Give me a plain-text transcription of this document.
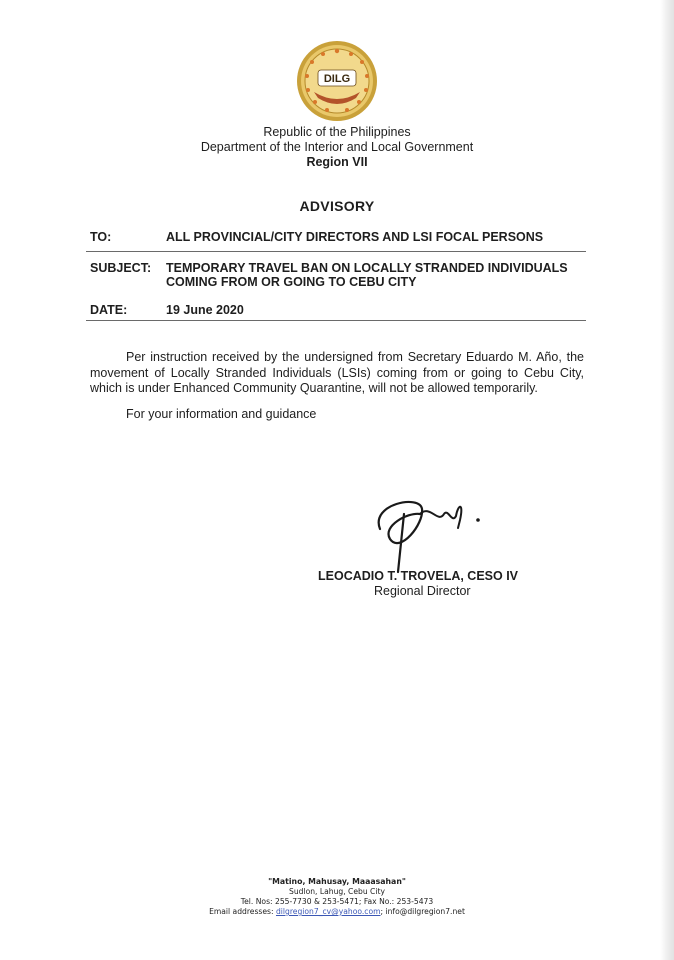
DILG
Republic of the Philippines
Department of the Interior and Local Government
Region VII
ADVISORY
TO:	ALL PROVINCIAL/CITY DIRECTORS AND LSI FOCAL PERSONS
SUBJECT: TEMPORARY TRAVEL BAN ON LOCALLY STRANDED INDIVIDUALS
COMING FROM OR GOING TO CEBU CITY
DATE:	19 June 2020
Per instruction received by the undersigned from Secretary Eduardo M. Año, the movement of Locally Stranded Individuals (LSIs) coming from or going to Cebu City, which is under Enhanced Community Quarantine, will not be allowed temporarily.
For your information and guidance
LEOCADIO T. TROVELA, CESO IV
Regional Director
"Matino, Mahusay, Maaasahan"
Sudlon, Lahug, Cebu City
Tel. Nos: 255-7730 & 253-5471; Fax No.: 253-5473
Email addresses: dilgregion7_cv@yahoo.com; info@dilgregion7.net
